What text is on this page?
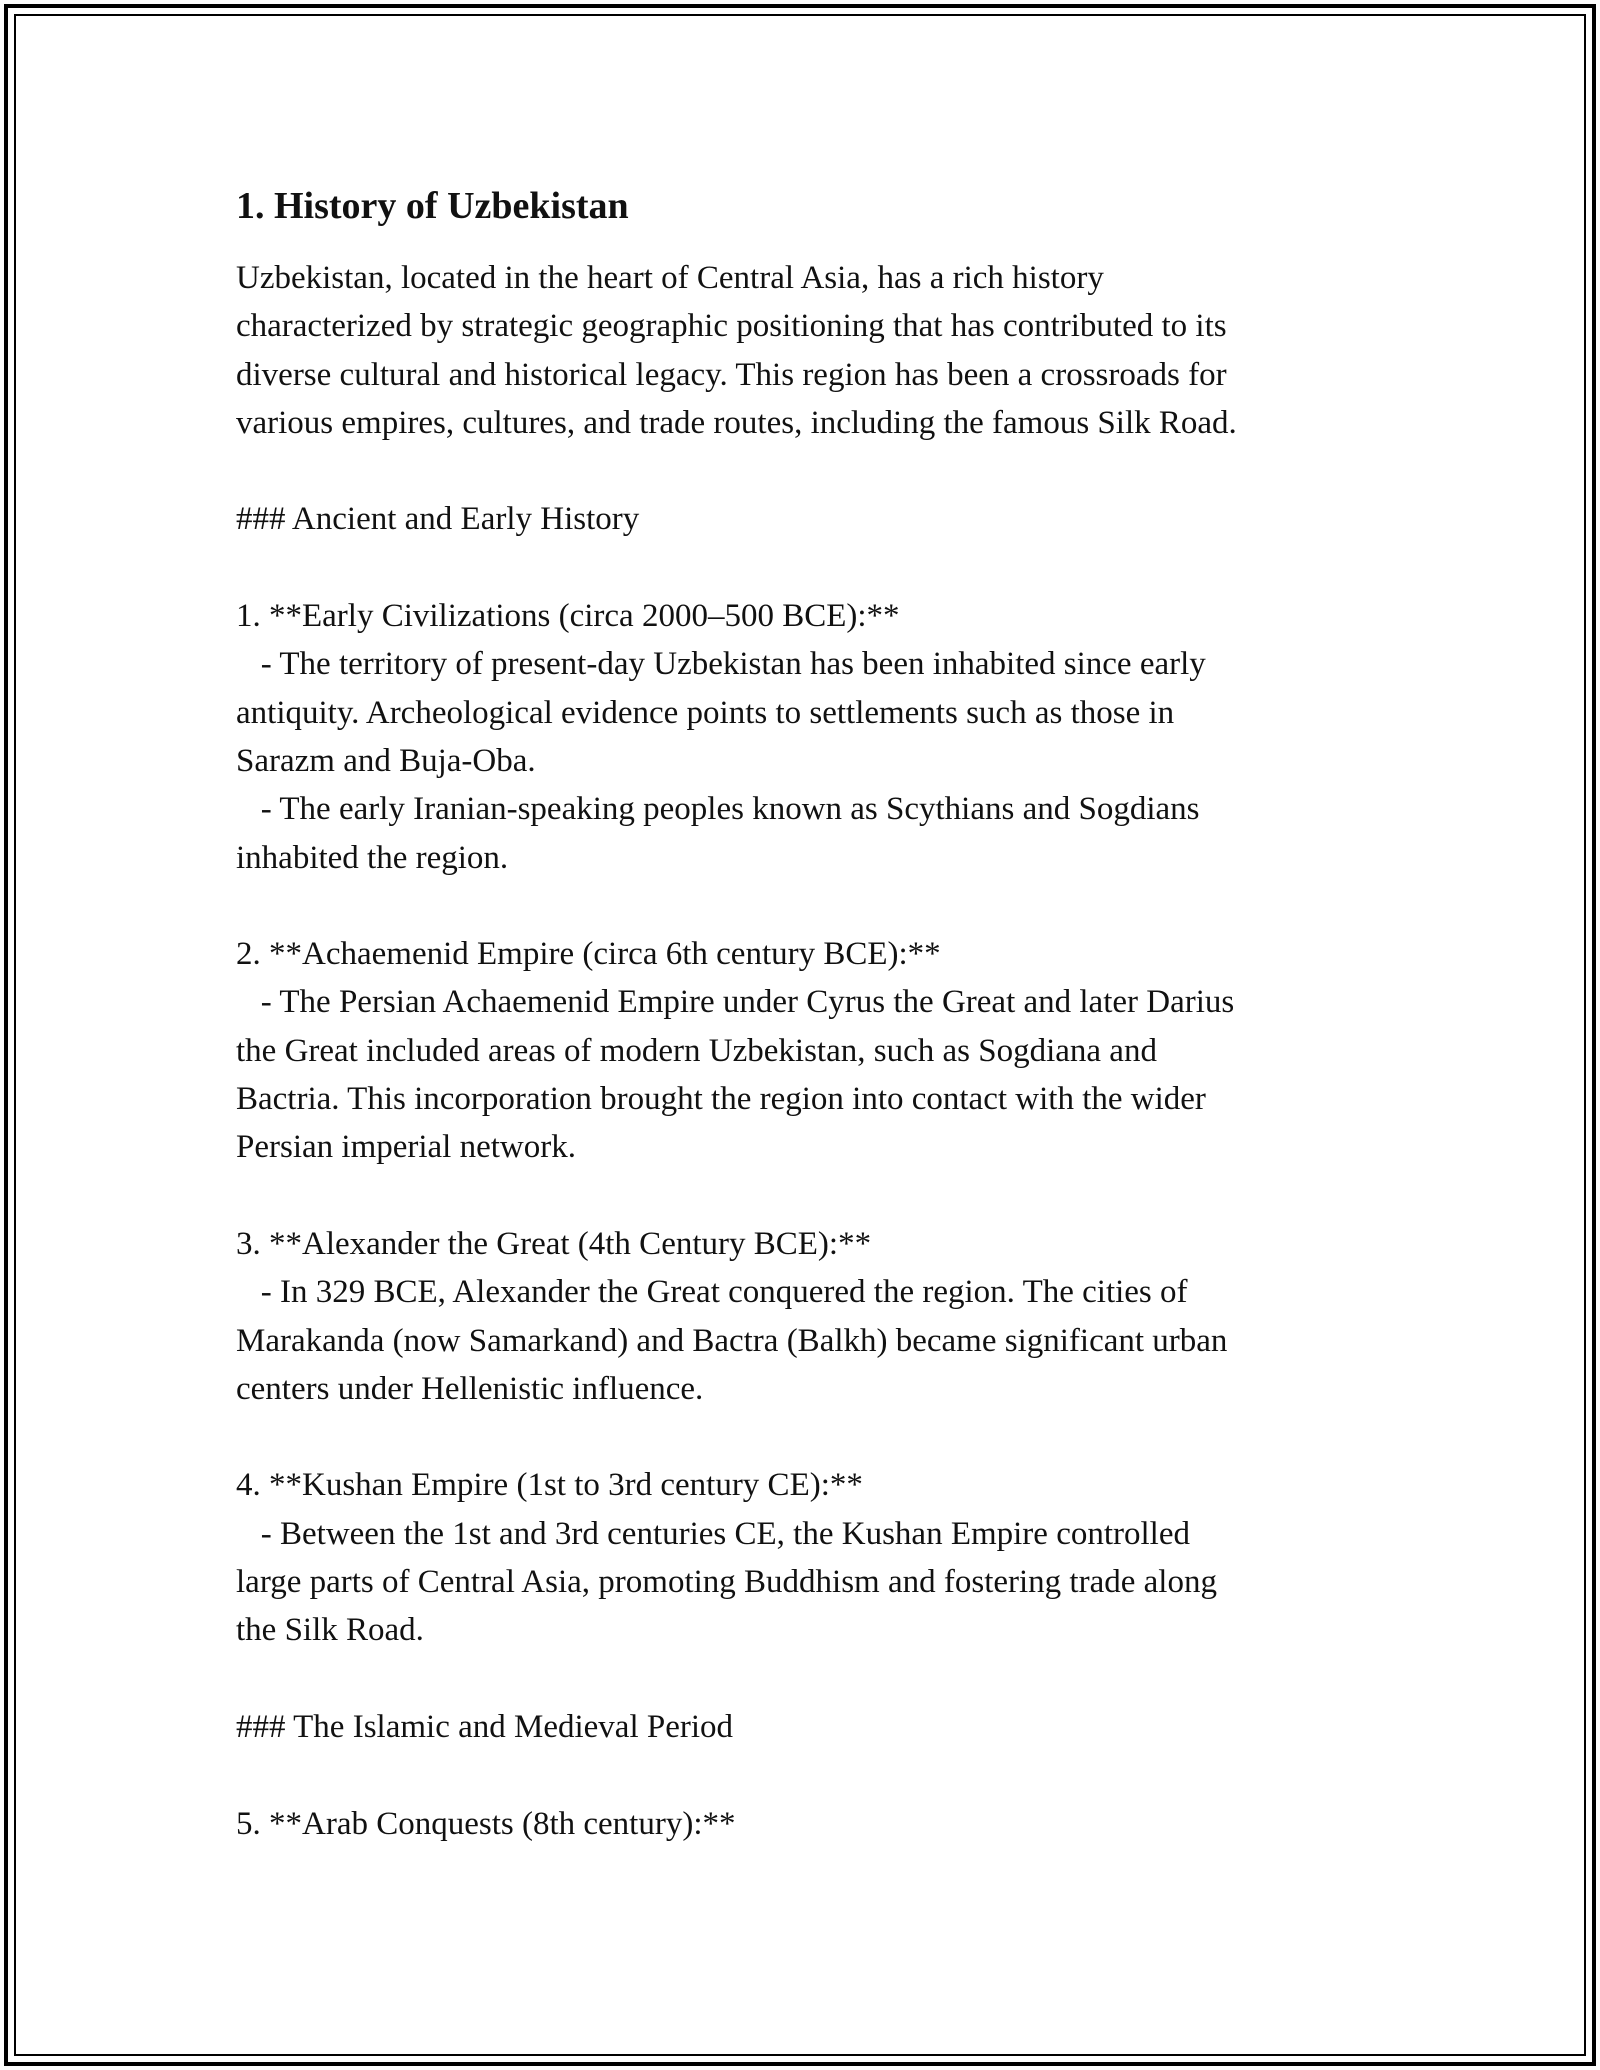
1. History of Uzbekistan

Uzbekistan, located in the heart of Central Asia, has a rich history
characterized by strategic geographic positioning that has contributed to its
diverse cultural and historical legacy. This region has been a crossroads for
various empires, cultures, and trade routes, including the famous Silk Road.

### Ancient and Early History

1. **Early Civilizations (circa 2000–500 BCE):**
- The territory of present-day Uzbekistan has been inhabited since early
antiquity. Archeological evidence points to settlements such as those in
Sarazm and Buja-Oba.
- The early Iranian-speaking peoples known as Scythians and Sogdians
inhabited the region.

2. **Achaemenid Empire (circa 6th century BCE):**
- The Persian Achaemenid Empire under Cyrus the Great and later Darius
the Great included areas of modern Uzbekistan, such as Sogdiana and
Bactria. This incorporation brought the region into contact with the wider
Persian imperial network.

3. **Alexander the Great (4th Century BCE):**
- In 329 BCE, Alexander the Great conquered the region. The cities of
Marakanda (now Samarkand) and Bactra (Balkh) became significant urban
centers under Hellenistic influence.

4. **Kushan Empire (1st to 3rd century CE):**
- Between the 1st and 3rd centuries CE, the Kushan Empire controlled
large parts of Central Asia, promoting Buddhism and fostering trade along
the Silk Road.

### The Islamic and Medieval Period

5. **Arab Conquests (8th century):**
